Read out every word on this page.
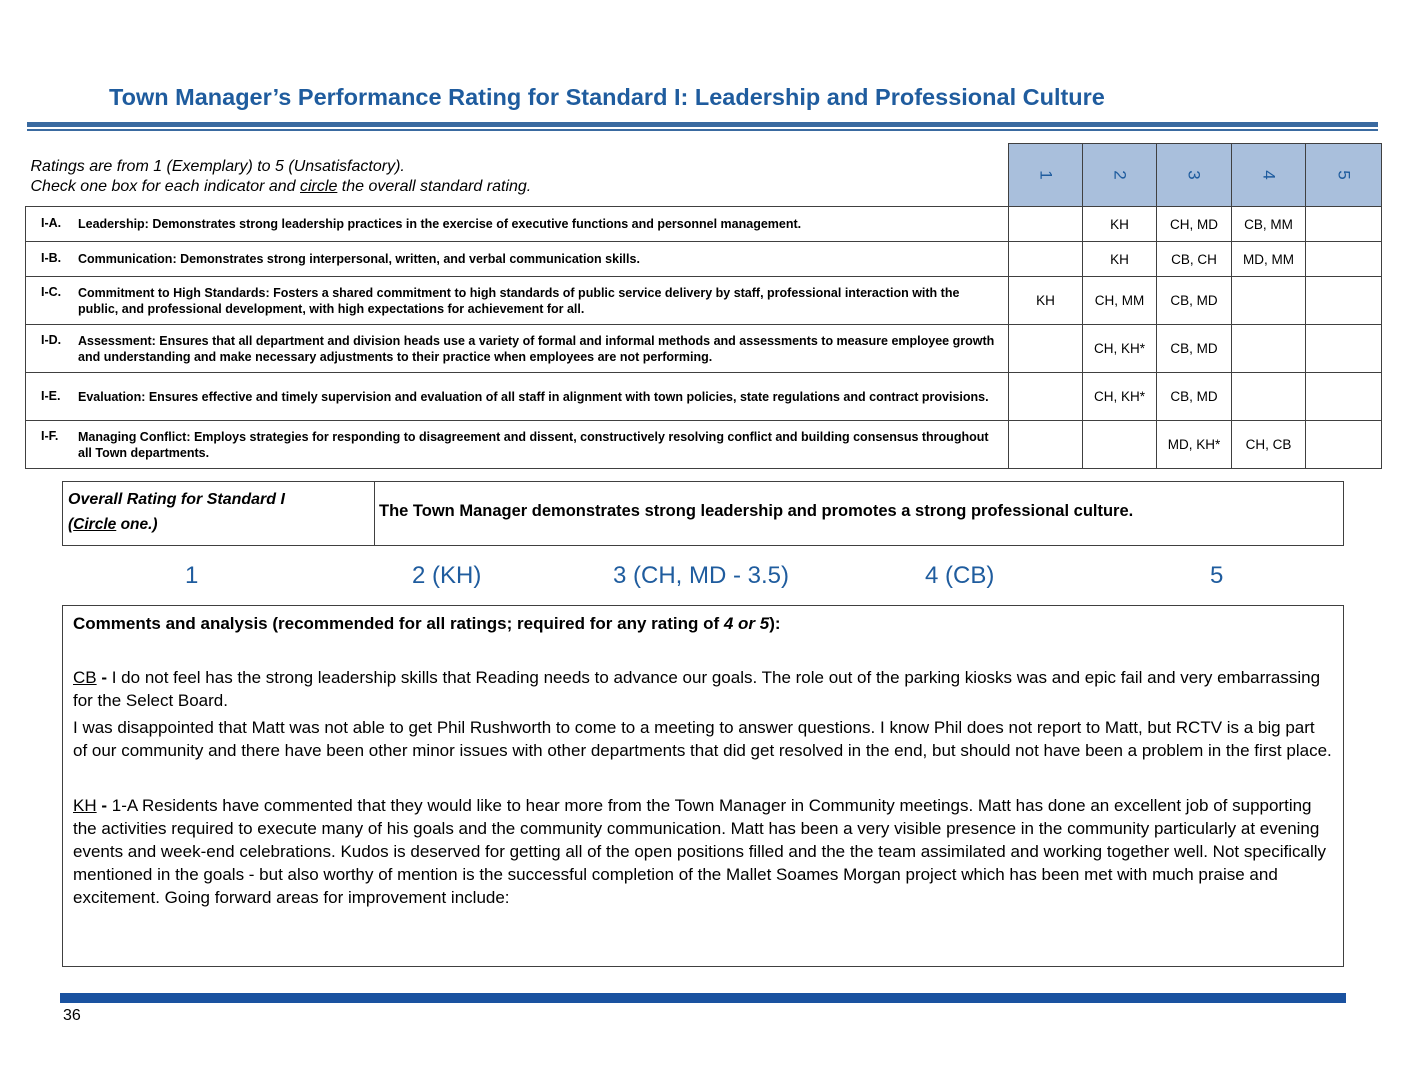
Town Manager’s Performance Rating for Standard I: Leadership and Professional Culture
Ratings are from 1 (Exemplary) to 5 (Unsatisfactory).
Check one box for each indicator and circle the overall standard rating.	1	2	3	4	5

I-A. Leadership: Demonstrates strong leadership practices in the exercise of executive functions and personnel management.		KH	CH, MD	CB, MM	

I-B. Communication: Demonstrates strong interpersonal, written, and verbal communication skills.		KH	CB, CH	MD, MM	

I-C. Commitment to High Standards: Fosters a shared commitment to high standards of public service delivery by staff, professional interaction with the public, and professional development, with high expectations for achievement for all.	KH	CH, MM	CB, MD		

I-D. Assessment: Ensures that all department and division heads use a variety of formal and informal methods and assessments to measure employee growth and understanding and make necessary adjustments to their practice when employees are not performing.		CH, KH*	CB, MD		

I-E. Evaluation: Ensures effective and timely supervision and evaluation of all staff in alignment with town policies, state regulations and contract provisions.		CH, KH*	CB, MD		

I-F. Managing Conflict: Employs strategies for responding to disagreement and dissent, constructively resolving conflict and building consensus throughout all Town departments.			MD, KH*	CH, CB	
Overall Rating for Standard I
(Circle one.)
The Town Manager demonstrates strong leadership and promotes a strong professional culture.
1	2 (KH)	3 (CH, MD - 3.5)	4 (CB)	5
Comments and analysis (recommended for all ratings; required for any rating of 4 or 5):

CB - I do not feel has the strong leadership skills that Reading needs to advance our goals. The role out of the parking kiosks was and epic fail and very embarrassing for the Select Board.

I was disappointed that Matt was not able to get Phil Rushworth to come to a meeting to answer questions. I know Phil does not report to Matt, but RCTV is a big part of our community and there have been other minor issues with other departments that did get resolved in the end, but should not have been a problem in the first place.

KH - 1-A Residents have commented that they would like to hear more from the Town Manager in Community meetings. Matt has done an excellent job of supporting the activities required to execute many of his goals and the community communication. Matt has been a very visible presence in the community particularly at evening events and week-end celebrations. Kudos is deserved for getting all of the open positions filled and the the team assimilated and working together well. Not specifically mentioned in the goals - but also worthy of mention is the successful completion of the Mallet Soames Morgan project which has been met with much praise and excitement. Going forward areas for improvement include:

36
